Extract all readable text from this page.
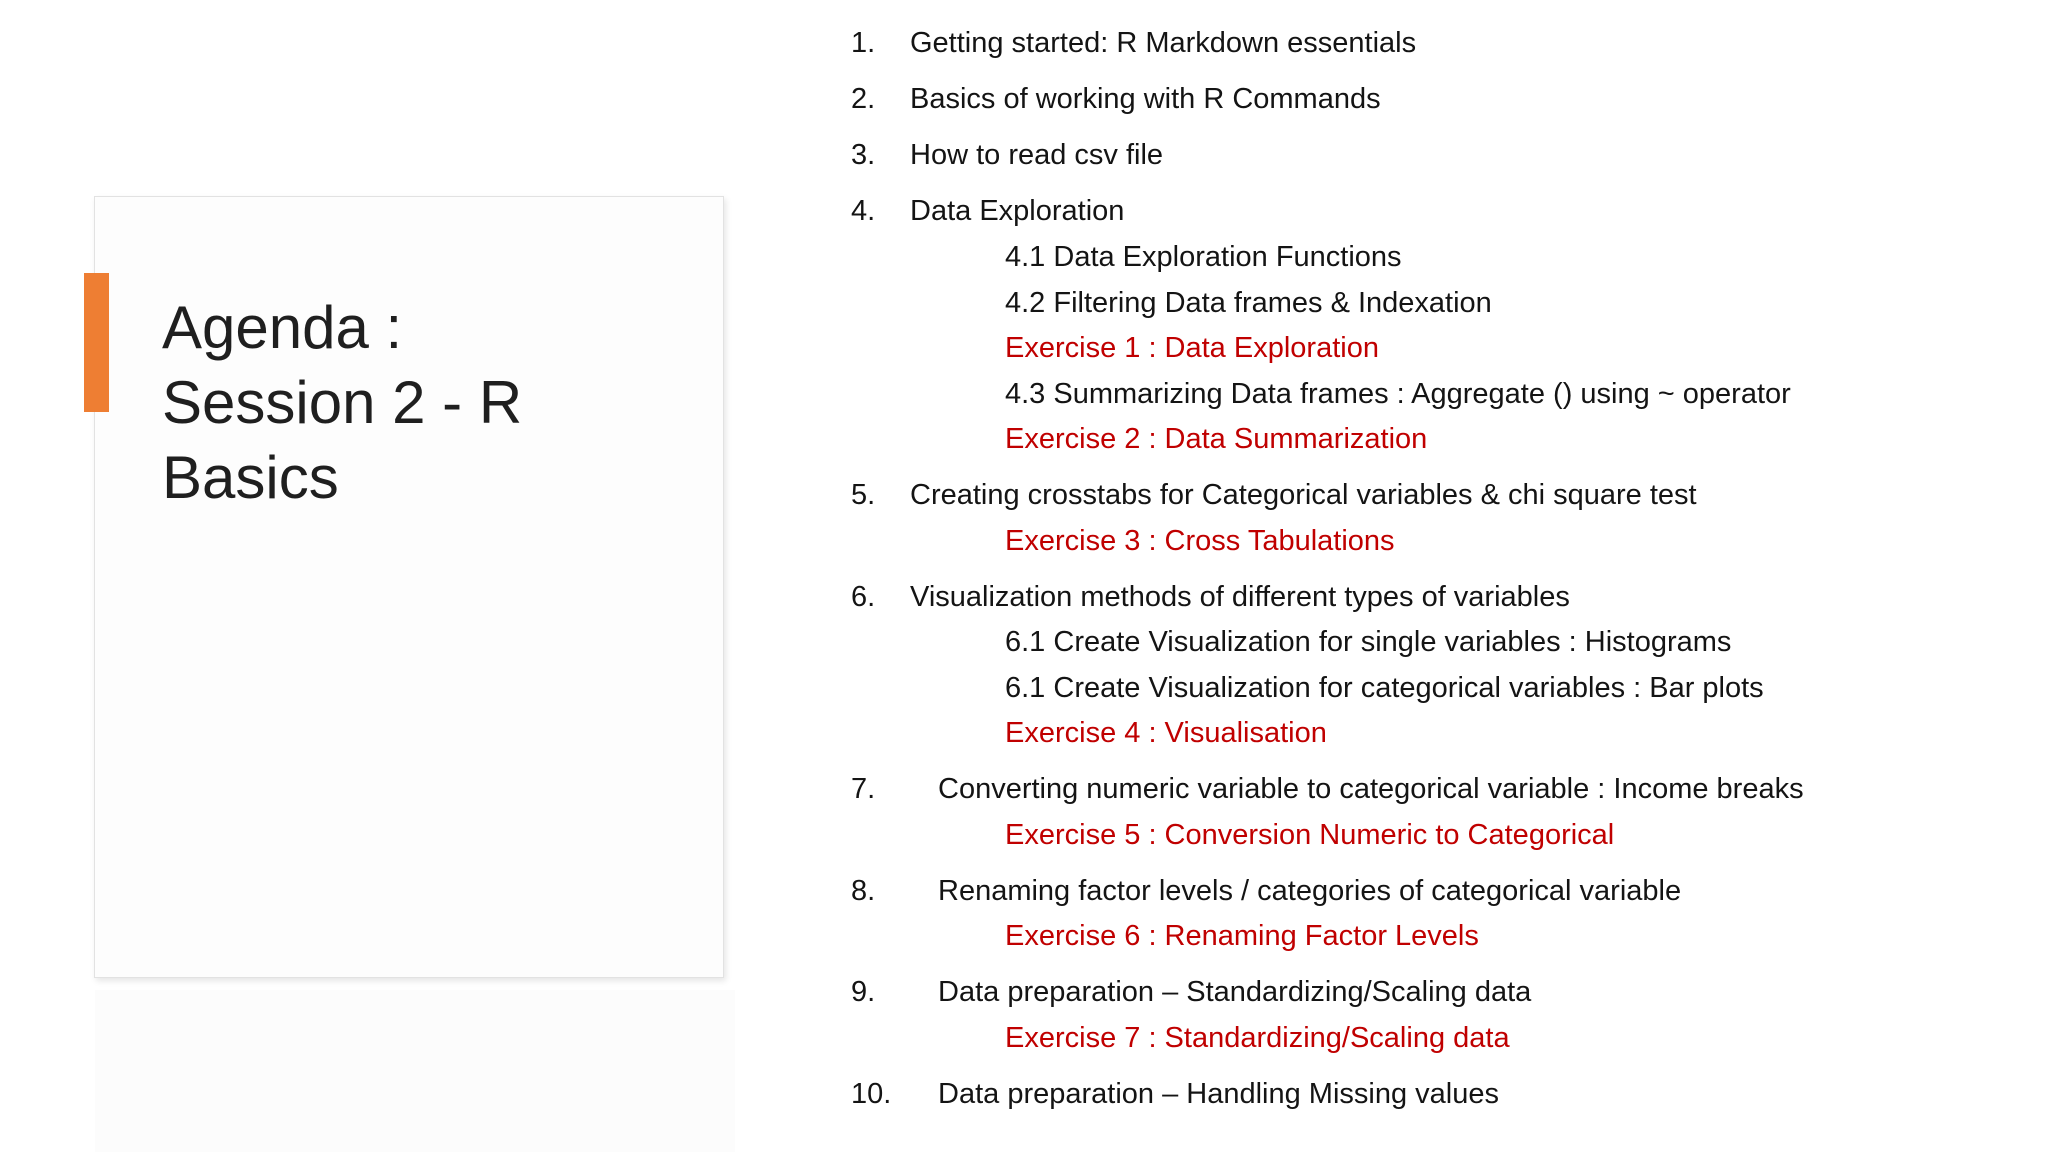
Agenda :
Session 2 - R
Basics
1. Getting started: R Markdown essentials
2. Basics of working with R Commands
3. How to read csv file
4. Data Exploration
4.1 Data Exploration Functions
4.2 Filtering Data frames & Indexation
Exercise 1 : Data Exploration
4.3 Summarizing Data frames : Aggregate () using ~ operator
Exercise 2 : Data Summarization
5. Creating crosstabs for Categorical variables & chi square test
Exercise 3 : Cross Tabulations
6. Visualization methods of different types of variables
6.1 Create Visualization for single variables : Histograms
6.1 Create Visualization for categorical variables : Bar plots
Exercise 4 : Visualisation
7. Converting numeric variable to categorical variable : Income breaks
Exercise 5 : Conversion Numeric to Categorical
8. Renaming factor levels / categories of categorical variable
Exercise 6 : Renaming Factor Levels
9. Data preparation – Standardizing/Scaling data
Exercise 7 : Standardizing/Scaling data
10. Data preparation – Handling Missing values
